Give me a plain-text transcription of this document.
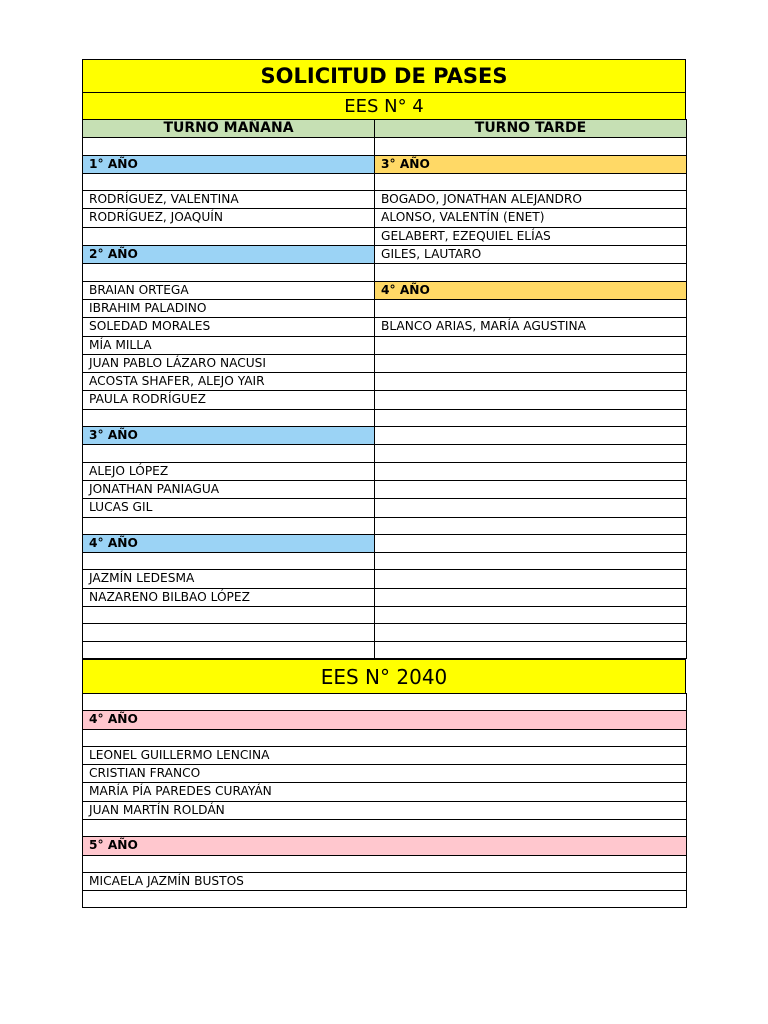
SOLICITUD DE PASES
EES N° 4
TURNO MAÑANA	TURNO TARDE

1° AÑO	3° AÑO

RODRÍGUEZ, VALENTINA	BOGADO, JONATHAN ALEJANDRO
RODRÍGUEZ, JOAQUÍN	ALONSO, VALENTÍN (ENET)
	GELABERT, EZEQUIEL ELÍAS
2° AÑO	GILES, LAUTARO

BRAIAN ORTEGA	4° AÑO
IBRAHIM PALADINO	
SOLEDAD MORALES	BLANCO ARIAS, MARÍA AGUSTINA
MÍA MILLA	
JUAN PABLO LÁZARO NACUSI	
ACOSTA SHAFER, ALEJO YAIR	
PAULA RODRÍGUEZ	

3° AÑO	

ALEJO LÓPEZ	
JONATHAN PANIAGUA	
LUCAS GIL	

4° AÑO	

JAZMÍN LEDESMA	
NAZARENO BILBAO LÓPEZ	

EES N° 2040

4° AÑO

LEONEL GUILLERMO LENCINA
CRISTIAN FRANCO
MARÍA PÍA PAREDES CURAYÁN
JUAN MARTÍN ROLDÁN

5° AÑO

MICAELA JAZMÍN BUSTOS
